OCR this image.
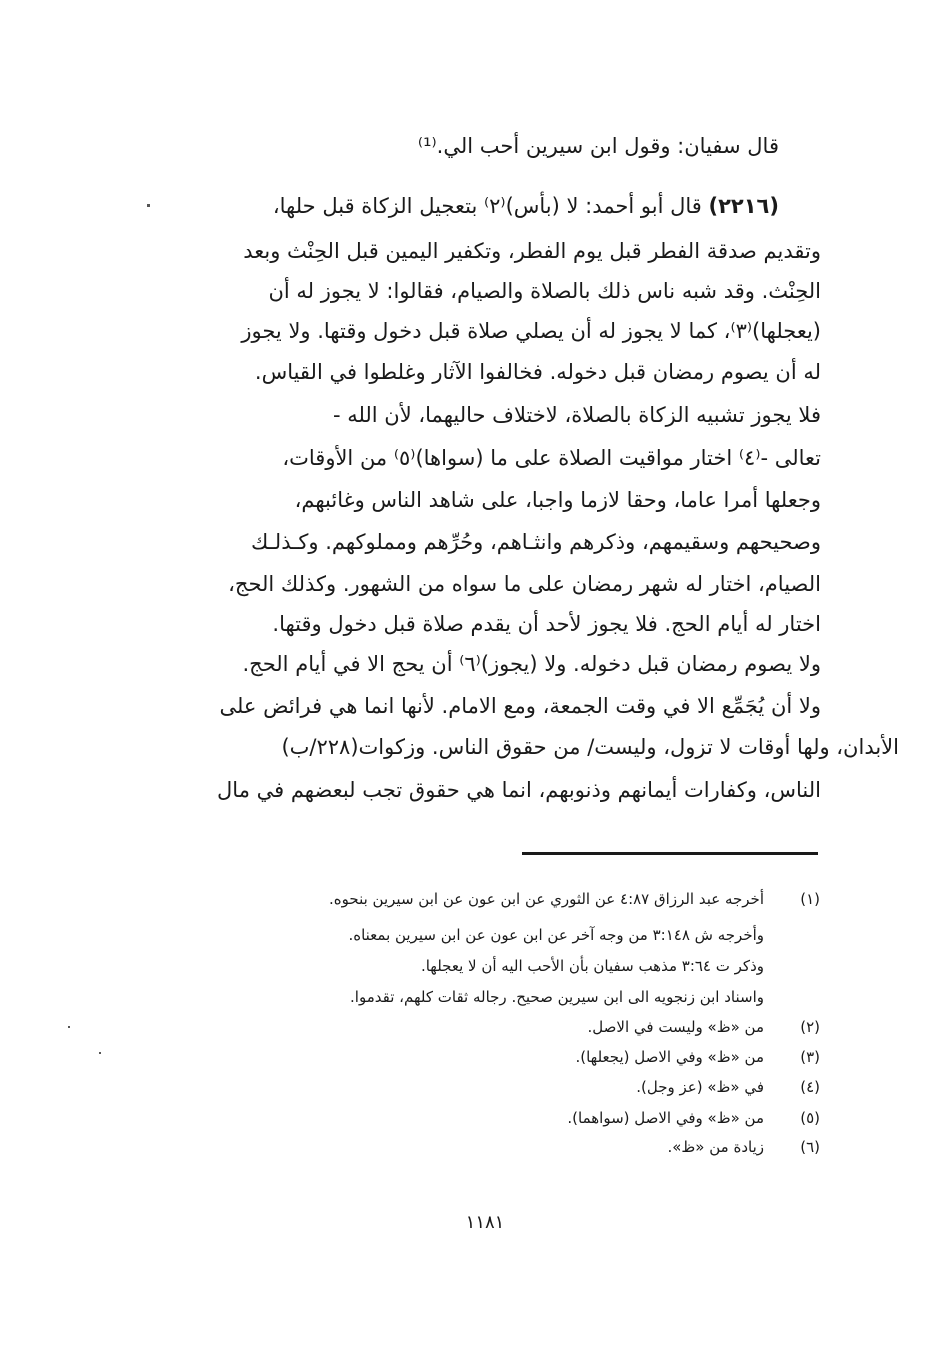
قال سفيان: وقول ابن سيرين أحب الي.⁽¹⁾
(٢٢١٦) قال أبو أحمد: لا (بأس)⁽٢⁾ بتعجيل الزكاة قبل حلها،
وتقديم صدقة الفطر قبل يوم الفطر، وتكفير اليمين قبل الحِنْث وبعد
الحِنْث. وقد شبه ناس ذلك بالصلاة والصيام، فقالوا: لا يجوز له أن
(يعجلها)⁽٣⁾، كما لا يجوز له أن يصلي صلاة قبل دخول وقتها. ولا يجوز
له أن يصوم رمضان قبل دخوله. فخالفوا الآثار وغلطوا في القياس.
فلا يجوز تشبيه الزكاة بالصلاة، لاختلاف حاليهما، لأن الله -
تعالى -⁽٤⁾ اختار مواقيت الصلاة على ما (سواها)⁽٥⁾ من الأوقات،
وجعلها أمرا عاما، وحقا لازما واجبا، على شاهد الناس وغائبهم،
وصحيحهم وسقيمهم، وذكرهم وانثـاهم، وحُرِّهم ومملوكهم. وكـذلـك
الصيام، اختار له شهر رمضان على ما سواه من الشهور. وكذلك الحج،
اختار له أيام الحج. فلا يجوز لأحد أن يقدم صلاة قبل دخول وقتها.
ولا يصوم رمضان قبل دخوله. ولا (يجوز)⁽٦⁾ أن يحج الا في أيام الحج.
ولا أن يُجَمِّع الا في وقت الجمعة، ومع الامام. لأنها انما هي فرائض على
الأبدان، ولها أوقات لا تزول، وليست/ من حقوق الناس. وزكوات(٢٢٨/ب)
الناس، وكفارات أيمانهم وذنوبهم، انما هي حقوق تجب لبعضهم في مال
(١)
أخرجه عبد الرزاق ٤:٨٧ عن الثوري عن ابن عون عن ابن سيرين بنحوه.
وأخرجه ش ٣:١٤٨ من وجه آخر عن ابن عون عن ابن سيرين بمعناه.
وذكر ت ٣:٦٤ مذهب سفيان بأن الأحب اليه أن لا يعجلها.
واسناد ابن زنجويه الى ابن سيرين صحيح. رجاله ثقات كلهم، تقدموا.
(٢)
من «ظ» وليست في الاصل.
(٣)
من «ظ» وفي الاصل (يجعلها).
(٤)
في «ظ» (عز وجل).
(٥)
من «ظ» وفي الاصل (سواهما).
(٦)
زيادة من «ظ».
١١٨١
